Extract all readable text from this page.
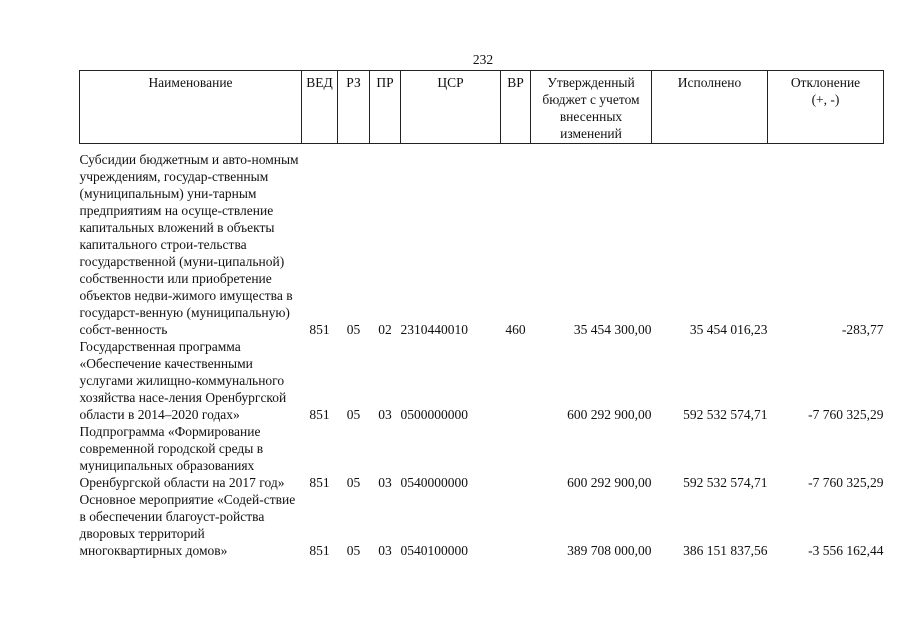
232
Наименование	ВЕД	РЗ	ПР	ЦСР	ВР	Утвержденный бюджет с учетом внесенных изменений	Исполнено	Отклонение (+, -)

Субсидии бюджетным и авто-номным учреждениям, государ-ственным (муниципальным) уни-тарным предприятиям на осуще-ствление капитальных вложений в объекты капитального строи-тельства государственной (муни-ципальной) собственности или приобретение объектов недви-жимого имущества в государст-венную (муниципальную) собст-венность	851	05	02	2310440010	460	35 454 300,00	35 454 016,23	-283,77
Государственная программа «Обеспечение качественными услугами жилищно-коммунального хозяйства насе-ления Оренбургской области в 2014–2020 годах»	851	05	03	0500000000		600 292 900,00	592 532 574,71	-7 760 325,29
Подпрограмма «Формирование современной городской среды в муниципальных образованиях Оренбургской области на 2017 год»	851	05	03	0540000000		600 292 900,00	592 532 574,71	-7 760 325,29
Основное мероприятие «Содей-ствие в обеспечении благоуст-ройства дворовых территорий многоквартирных домов»	851	05	03	0540100000		389 708 000,00	386 151 837,56	-3 556 162,44
